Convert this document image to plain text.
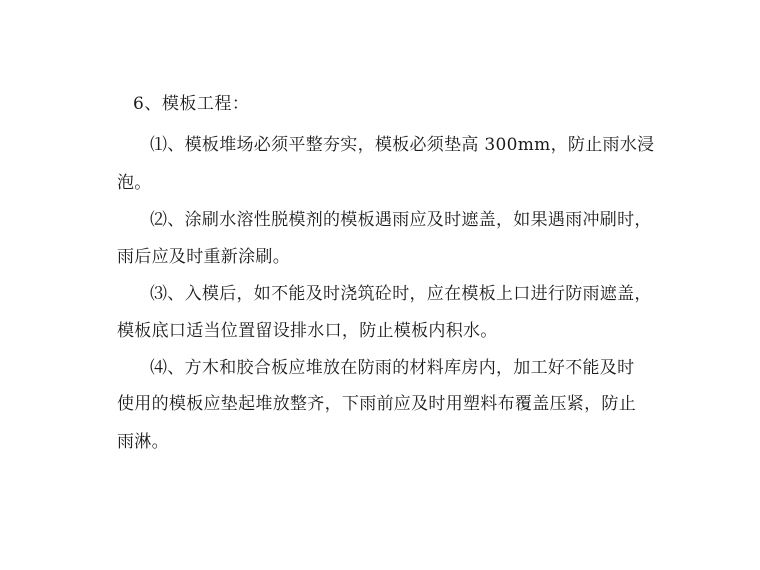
6、模板工程：
⑴、模板堆场必须平整夯实，模板必须垫高 300mm，防止雨水浸
泡。
⑵、涂刷水溶性脱模剂的模板遇雨应及时遮盖，如果遇雨冲刷时，
雨后应及时重新涂刷。
⑶、入模后，如不能及时浇筑砼时，应在模板上口进行防雨遮盖，
模板底口适当位置留设排水口，防止模板内积水。
⑷、方木和胶合板应堆放在防雨的材料库房内，加工好不能及时
使用的模板应垫起堆放整齐，下雨前应及时用塑料布覆盖压紧，防止
雨淋。
